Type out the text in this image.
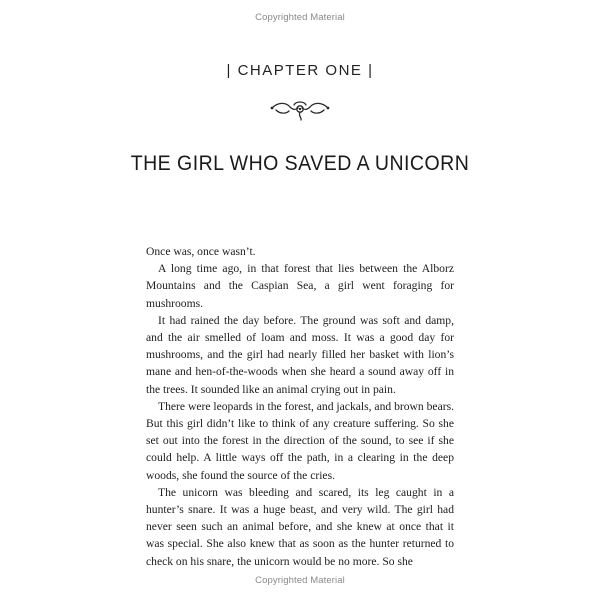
Copyrighted Material
| CHAPTER ONE |
THE GIRL WHO SAVED A UNICORN

Once was, once wasn’t.

A long time ago, in that forest that lies between the Alborz Mountains and the Caspian Sea, a girl went foraging for mushrooms.

It had rained the day before. The ground was soft and damp, and the air smelled of loam and moss. It was a good day for mushrooms, and the girl had nearly filled her basket with lion’s mane and hen-of-the-woods when she heard a sound away off in the trees. It sounded like an animal crying out in pain.

There were leopards in the forest, and jackals, and brown bears. But this girl didn’t like to think of any creature suffering. So she set out into the forest in the direction of the sound, to see if she could help. A little ways off the path, in a clearing in the deep woods, she found the source of the cries.

The unicorn was bleeding and scared, its leg caught in a hunter’s snare. It was a huge beast, and very wild. The girl had never seen such an animal before, and she knew at once that it was special. She also knew that as soon as the hunter returned to check on his snare, the unicorn would be no more. So she

Copyrighted Material
